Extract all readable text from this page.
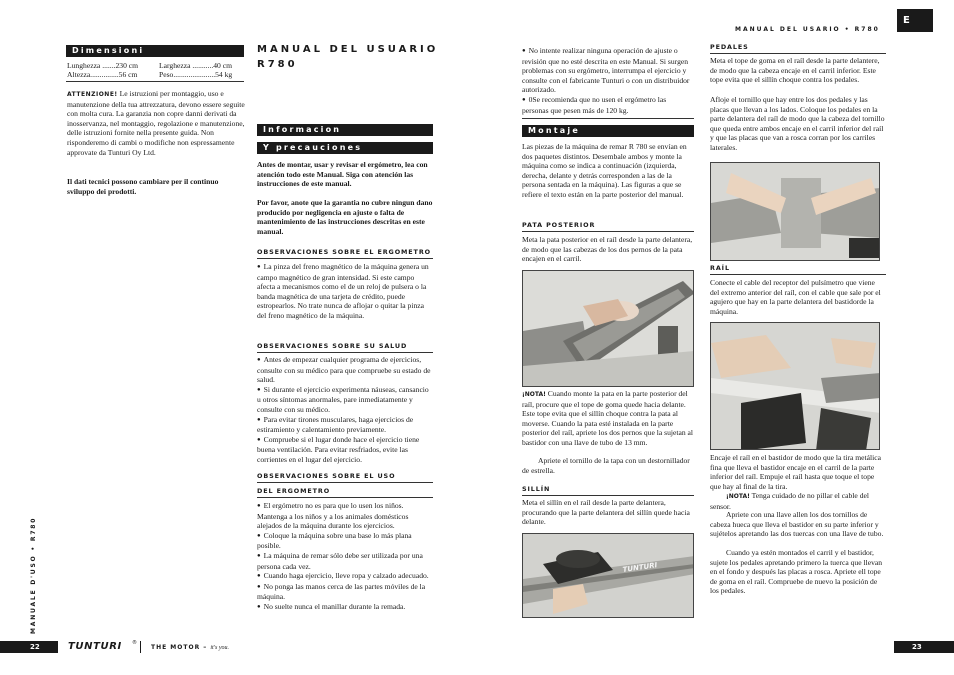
MANUAL DEL USARIO • R780
E
Dimensioni
Lunghezza .......230 cm	Larghezza ...........40 cm
Altezza...............56 cm	Peso......................54 kg
ATTENZIONE! Le istruzioni per montaggio, uso e manutenzione della tua attrezzatura, devono essere seguite con molta cura. La garanzia non copre danni derivati da inosservanza, nel montaggio, regolazione e manutenzione, delle istruzioni fornite nella presente guida. Non risponderemo di cambi o modifiche non espressamente approvate da Tunturi Oy Ltd.
Il dati tecnici possono cambiare per il continuo sviluppo dei prodotti.
MANUALE D'USO • R780
22	TUNTURI ®
THE MOTOR – it's you.
MANUAL DEL USUARIO
R780
Informacion
Y precauciones
Antes de montar, usar y revisar el ergómetro, lea con atención todo este Manual. Siga con atención las instrucciones de este manual.
Por favor, anote que la garantia no cubre ningun dano producido por negligencia en ajuste o falta de mantenimiento de las instrucciones descritas en este manual.
OBSERVACIONES SOBRE EL ERGOMETRO
● La pinza del freno magnético de la máquina genera un campo magnético de gran intensidad. Si este campo afecta a mecanismos como el de un reloj de pulsera o la banda magnética de una tarjeta de crédito, puede estropearlos. No trate nunca de aflojar o quitar la pinza del freno magnético de la máquina.
OBSERVACIONES SOBRE SU SALUD

● Antes de empezar cualquier programa de ejercicios, consulte con su médico para que compruebe su estado de salud.

● Si durante el ejercicio experimenta náuseas, cansancio u otros síntomas anormales, pare inmediatamente y consulte con su médico.

● Para evitar tirones musculares, haga ejercicios de estiramiento y calentamiento previamente.

● Compruebe si el lugar donde hace el ejercicio tiene buena ventilación. Para evitar resfriados, evite las corrientes en el lugar del ejercicio.

OBSERVACIONES SOBRE EL USO
DEL ERGOMETRO

● El ergómetro no es para que lo usen los niños. Mantenga a los niños y a los animales domésticos alejados de la máquina durante los ejercicios.

● Coloque la máquina sobre una base lo más plana posible.

● La máquina de remar sólo debe ser utilizada por una persona cada vez.

● Cuando haga ejercicio, lleve ropa y calzado adecuado.

● No ponga las manos cerca de las partes móviles de la máquina.

● No suelte nunca el manillar durante la remada.

● No intente realizar ninguna operación de ajuste o revisión que no esté descrita en este Manual. Si surgen problemas con su ergómetro, interrumpa el ejercicio y consulte con el fabricante Tunturi o con un distribuidor autorizado.

● 0Se recomienda que no usen el ergómetro las personas que pesen más de 120 kg.

Montaje
Las piezas de la máquina de remar R 780 se envían en dos paquetes distintos. Desembale ambos y monte la máquina como se indica a continuación (izquierda, derecha, delante y detrás corresponden a las de la persona sentada en la máquina). Las figuras a que se refiere el texto están en la parte posterior del manual.
PATA POSTERIOR
Meta la pata posterior en el raíl desde la parte delantera, de modo que las cabezas de los dos pernos de la pata encajen en el carril.
¡NOTA! Cuando monte la pata en la parte posterior del raíl, procure que el tope de goma quede hacia delante. Este tope evita que el sillín choque contra la pata al moverse. Cuando la pata esté instalada en la parte posterior del raíl, apriete los dos pernos que la sujetan al bastidor con una llave de tubo de 13 mm.
Apriete el tornillo de la tapa con un destornillador de estrella.
SILLÍN
Meta el sillín en el raíl desde la parte delantera, procurando que la parte delantera del sillín quede hacia delante.
TUNTURI
PEDALES
Meta el tope de goma en el raíl desde la parte delantere, de modo que la cabeza encaje en el carril inferior. Este tope evita que el sillín choque contra los pedales.
Afloje el tornillo que hay entre los dos pedales y las placas que llevan a los lados. Coloque los pedales en la parte delantera del raíl de modo que la cabeza del tornillo que queda entre ambos encaje en el carril inferior del raíl y que las placas que van a rosca corran por los carriles laterales.
RAÍL
Conecte el cable del receptor del pulsímetro que viene del extremo anterior del raíl, con el cable que sale por el agujero que hay en la parte delantera del bastidorde la máquina.
Encaje el raíl en el bastidor de modo que la tira metálica fina que lleva el bastidor encaje en el carril de la parte inferior del raíl. Empuje el raíl hasta que toque el tope que hay al final de la tira.
¡NOTA! Tenga cuidado de no pillar el cable del sensor.
Apriete con una llave allen los dos tornillos de cabeza hueca que lleva el bastidor en su parte inferior y sujételos apretando las dos tuercas con una llave de tubo.
Cuando ya estén montados el carril y el bastidor, sujete los pedales apretando primero la tuerca que llevan en el fondo y después las placas a rosca. Apriete ell tope de goma en el raíl. Compruebe de nuevo la posición de los pedales.
23
